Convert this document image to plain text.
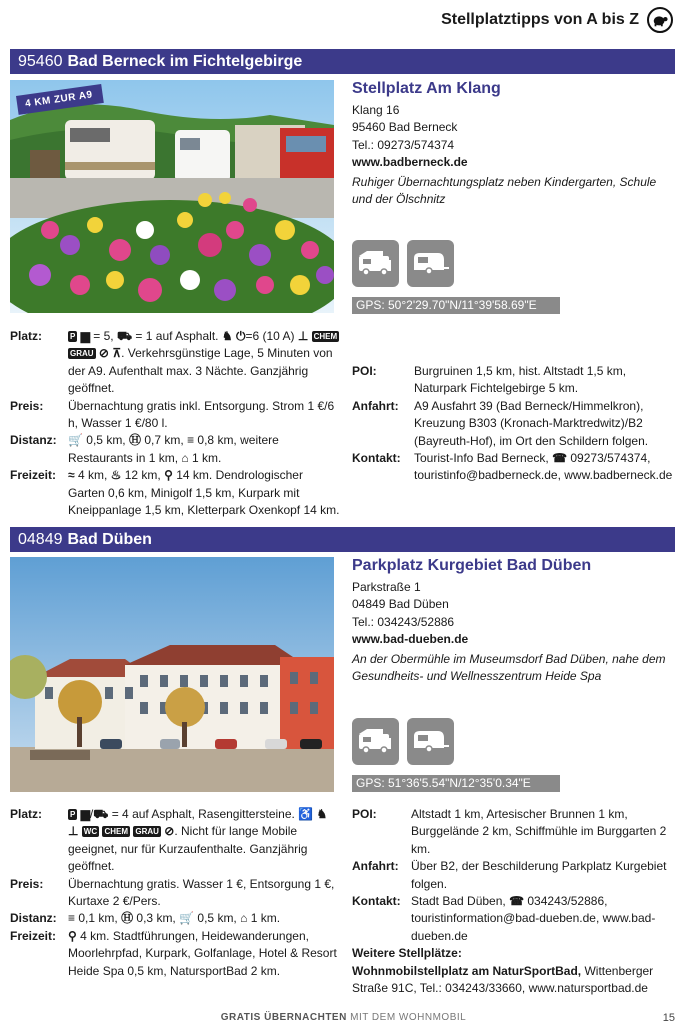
Stellplatztipps von A bis Z
95460 Bad Berneck im Fichtelgebirge
4 KM ZUR A9
Stellplatz Am Klang
Klang 16
95460 Bad Berneck
Tel.: 09273/574374
www.badberneck.de
Ruhiger Übernachtungsplatz neben Kindergarten, Schule und der Ölschnitz
GPS: 50°2'29.70"N/11°39'58.69"E
Platz:	P ▆ = 5, ⛟ = 1 auf Asphalt. ♞ ⏻=6 (10 A) ⊥ CHEM GRAU ⊘ ⊼. Verkehrsgünstige Lage, 5 Minuten von der A9. Aufenthalt max. 3 Nächte. Ganzjährig geöffnet.
Preis:	Übernachtung gratis inkl. Entsorgung. Strom 1 €/6 h, Wasser 1 €/80 l.
Distanz: 🛒 0,5 km, Ⓗ 0,7 km, ≡ 0,8 km, weitere Restaurants in 1 km, ⌂ 1 km.
Freizeit: ≈ 4 km, ♨ 12 km, ⚲ 14 km. Dendrologischer Garten 0,6 km, Minigolf 1,5 km, Kurpark mit Kneippanlage 1,5 km, Kletterpark Oxenkopf 14 km.
POI:	Burgruinen 1,5 km, hist. Altstadt 1,5 km, Naturpark Fichtelgebirge 5 km.
Anfahrt:	A9 Ausfahrt 39 (Bad Berneck/Himmelkron), Kreuzung B303 (Kronach-Marktredwitz)/B2 (Bayreuth-Hof), im Ort den Schildern folgen.
Kontakt:	Tourist-Info Bad Berneck, ☎ 09273/574374, touristinfo@badberneck.de, www.badberneck.de
04849 Bad Düben
Parkplatz Kurgebiet Bad Düben
Parkstraße 1
04849 Bad Düben
Tel.: 034243/52886
www.bad-dueben.de
An der Obermühle im Museumsdorf Bad Düben, nahe dem Gesundheits- und Wellnesszentrum Heide Spa
GPS: 51°36'5.54"N/12°35'0.34"E
Platz:	P ▆/⛟ = 4 auf Asphalt, Rasengittersteine. ♿ ♞ ⊥ WC CHEM GRAU ⊘. Nicht für lange Mobile geeignet, nur für Kurzaufenthalte. Ganzjährig geöffnet.
Preis:	Übernachtung gratis. Wasser 1 €, Entsorgung 1 €, Kurtaxe 2 €/Pers.
Distanz: ≡ 0,1 km, Ⓗ 0,3 km, 🛒 0,5 km, ⌂ 1 km.
Freizeit: ⚲ 4 km. Stadtführungen, Heidewanderungen, Moorlehrpfad, Kurpark, Golfanlage, Hotel & Resort Heide Spa 0,5 km, NatursportBad 2 km.
POI:	Altstadt 1 km, Artesischer Brunnen 1 km, Burggelände 2 km, Schiffmühle im Burggarten 2 km.
Anfahrt:	Über B2, der Beschilderung Parkplatz Kurgebiet folgen.
Kontakt: Stadt Bad Düben, ☎ 034243/52886, touristinformation@bad-dueben.de, www.bad-dueben.de
Weitere Stellplätze:
Wohnmobilstellplatz am NaturSportBad, Wittenberger Straße 91C, Tel.: 034243/33660, www.natursportbad.de
GRATIS ÜBERNACHTEN MIT DEM WOHNMOBIL	15
